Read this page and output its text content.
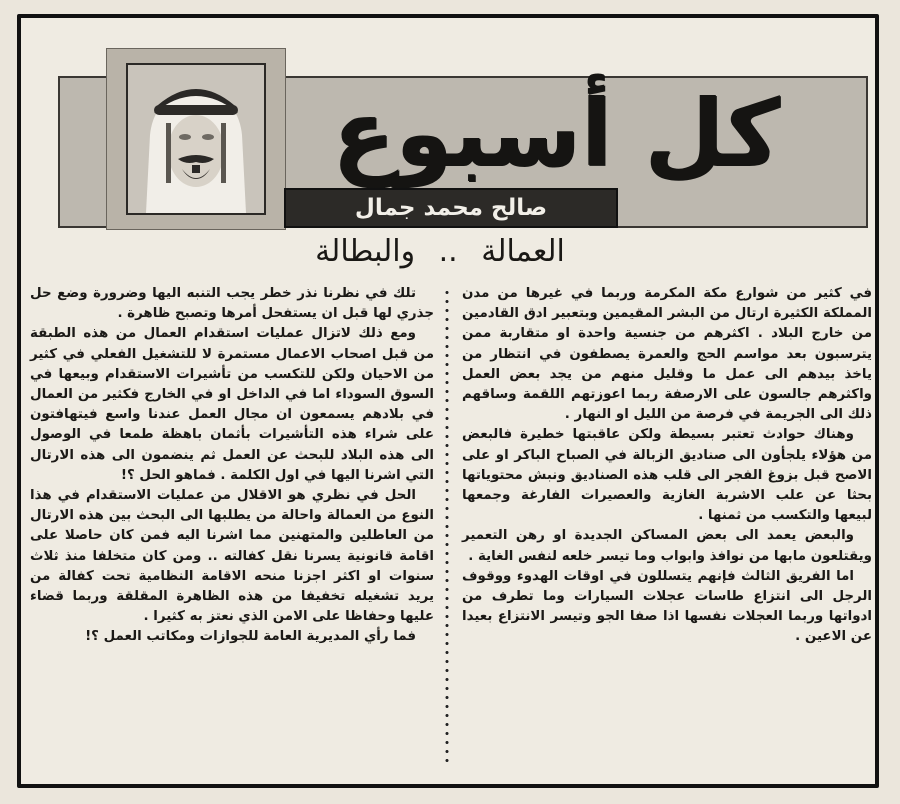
كل أسبوع
صالح محمد جمال
العمالة .. والبطالة

في كثير من شوارع مكة المكرمة وربما في غيرها من مدن المملكة الكثيرة ارتال من البشر المقيمين وبتعبير ادق القادمين من خارج البلاد . اكثرهم من جنسية واحدة او متقاربة ممن يترسبون بعد مواسم الحج والعمرة يصطفون في انتظار من ياخذ بيدهم الى عمل ما وقليل منهم من يجد بعض العمل واكثرهم جالسون على الارصفة ربما اعوزتهم اللقمة وساقهم ذلك الى الجريمة في فرصة من الليل او النهار .

وهناك حوادث تعتبر بسيطة ولكن عاقبتها خطيرة فالبعض من هؤلاء يلجأون الى صناديق الزبالة في الصباح الباكر او على الاصح قبل بزوغ الفجر الى قلب هذه الصناديق ونبش محتوياتها بحثا عن علب الاشربة الغازية والعصيرات الفارغة وجمعها لبيعها والتكسب من ثمنها .

والبعض يعمد الى بعض المساكن الجديدة او رهن التعمير ويقتلعون مابها من نوافذ وابواب وما تيسر خلعه لنفس الغاية .

اما الفريق الثالث فإنهم يتسللون في اوقات الهدوء ووقوف الرجل الى انتزاع طاسات عجلات السيارات وما تطرف من ادواتها وربما العجلات نفسها اذا صفا الجو وتيسر الانتزاع بعيدا عن الاعين .

تلك في نظرنا نذر خطر يجب التنبه اليها وضرورة وضع حل جذري لها قبل ان يستفحل أمرها وتصبح ظاهرة .

ومع ذلك لاتزال عمليات استقدام العمال من هذه الطبقة من قبل اصحاب الاعمال مستمرة لا للتشغيل الفعلي في كثير من الاحيان ولكن للتكسب من تأشيرات الاستقدام وبيعها في السوق السوداء اما في الداخل او في الخارج فكثير من العمال في بلادهم يسمعون ان مجال العمل عندنا واسع فيتهافتون على شراء هذه التأشيرات بأثمان باهظة طمعا في الوصول الى هذه البلاد للبحث عن العمل ثم ينضمون الى هذه الارتال التي اشرنا اليها في اول الكلمة . فماهو الحل ؟!

الحل في نظري هو الاقلال من عمليات الاستقدام في هذا النوع من العمالة واحالة من يطلبها الى البحث بين هذه الارتال من العاطلين والمتهنين مما اشرنا اليه فمن كان حاصلا على اقامة قانونية يسرنا نقل كفالته .. ومن كان متخلفا منذ ثلاث سنوات او اكثر اجزنا منحه الاقامة النظامية تحت كفالة من يريد تشغيله تخفيفا من هذه الظاهرة المقلقة وربما قضاء عليها وحفاظا على الامن الذي نعتز به كثيرا .

فما رأي المديرية العامة للجوازات ومكاتب العمل ؟!
